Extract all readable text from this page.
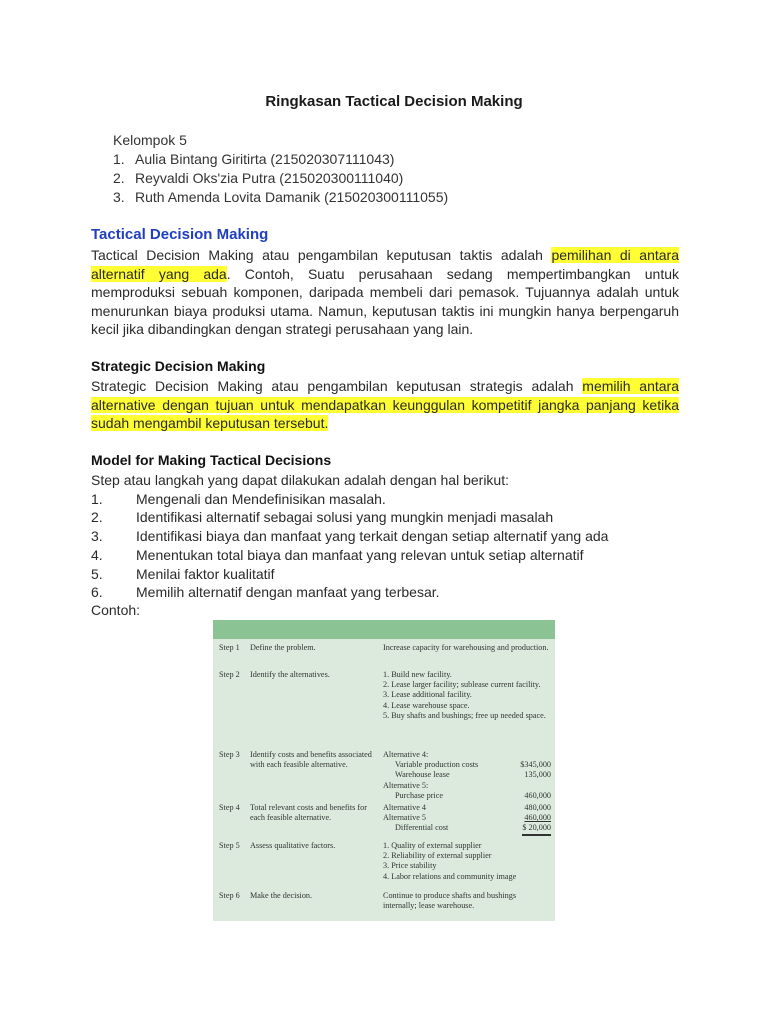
Ringkasan Tactical Decision Making
Kelompok 5
1. Aulia Bintang Giritirta (215020307111043)
2. Reyvaldi Oks'zia Putra (215020300111040)
3. Ruth Amenda Lovita Damanik (215020300111055)
Tactical Decision Making
Tactical Decision Making atau pengambilan keputusan taktis adalah pemilihan di antara alternatif yang ada. Contoh, Suatu perusahaan sedang mempertimbangkan untuk memproduksi sebuah komponen, daripada membeli dari pemasok. Tujuannya adalah untuk menurunkan biaya produksi utama. Namun, keputusan taktis ini mungkin hanya berpengaruh kecil jika dibandingkan dengan strategi perusahaan yang lain.
Strategic Decision Making
Strategic Decision Making atau pengambilan keputusan strategis adalah memilih antara alternative dengan tujuan untuk mendapatkan keunggulan kompetitif jangka panjang ketika sudah mengambil keputusan tersebut.
Model for Making Tactical Decisions
Step atau langkah yang dapat dilakukan adalah dengan hal berikut:
1. Mengenali dan Mendefinisikan masalah.
2. Identifikasi alternatif sebagai solusi yang mungkin menjadi masalah
3. Identifikasi biaya dan manfaat yang terkait dengan setiap alternatif yang ada
4. Menentukan total biaya dan manfaat yang relevan untuk setiap alternatif
5. Menilai faktor kualitatif
6. Memilih alternatif dengan manfaat yang terbesar.
Contoh:
Step 1	Define the problem.	Increase capacity for warehousing and production.
Step 2	Identify the alternatives.	1. Build new facility.
2. Lease larger facility; sublease current facility.
3. Lease additional facility.
4. Lease warehouse space.
5. Buy shafts and bushings; free up needed space.
Step 3	Identify costs and benefits associated with each feasible alternative.
Alternative 4:
Variable production costs	$345,000
Warehouse lease	135,000
Alternative 5:
Purchase price	460,000
Step 4	Total relevant costs and benefits for each feasible alternative.
Alternative 4	480,000
Alternative 5	460,000
Differential cost	$ 20,000
Step 5	Assess qualitative factors.	1. Quality of external supplier
2. Reliability of external supplier
3. Price stability
4. Labor relations and community image
Step 6	Make the decision.	Continue to produce shafts and bushings internally; lease warehouse.
